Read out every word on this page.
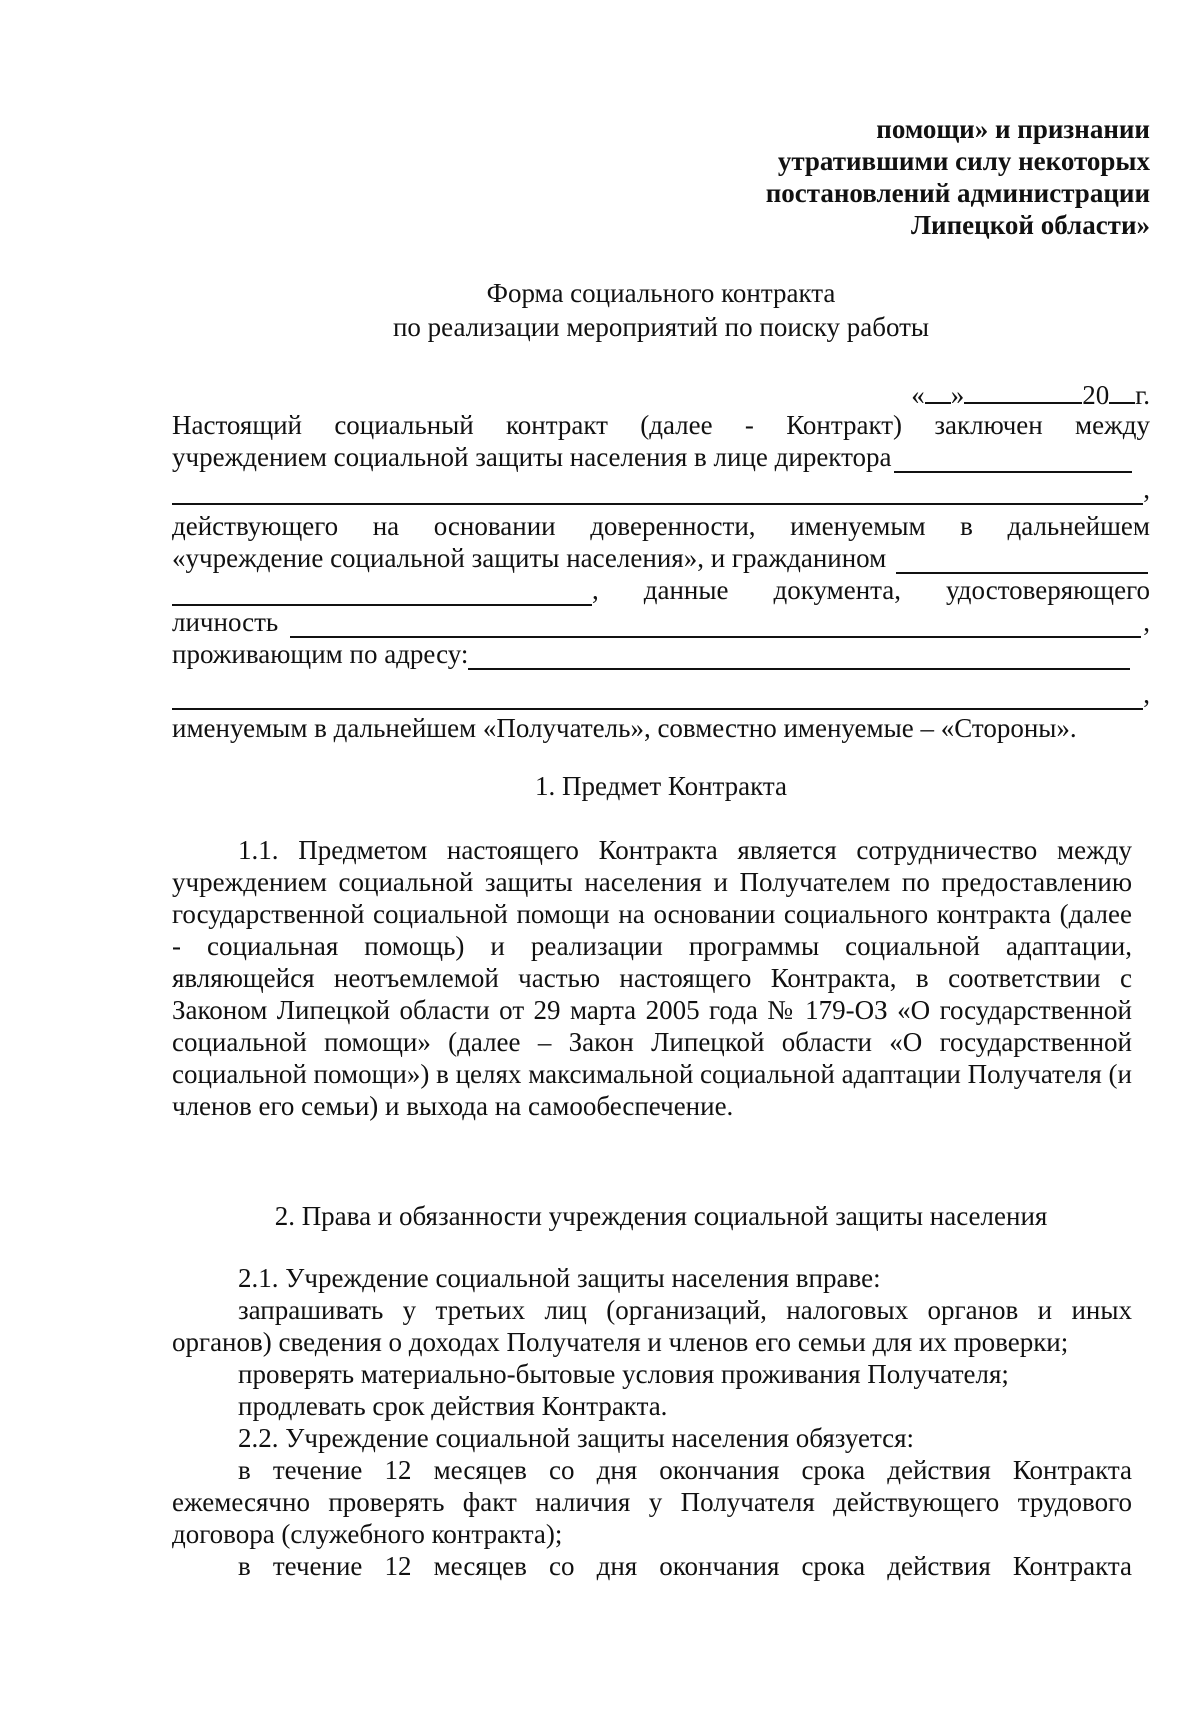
помощи» и признании
утратившими силу некоторых
постановлений администрации
Липецкой области»
Форма социального контракта
по реализации мероприятий по поиску работы
« »	20 г.
Настоящий социальный контракт (далее - Контракт) заключен между
учреждением социальной защиты населения в лице директора
,
действующего на основании доверенности, именуемым в дальнейшем
«учреждение социальной защиты населения», и гражданином
, данные документа, удостоверяющего
личность	,
проживающим по адресу:
,
именуемым в дальнейшем «Получатель», совместно именуемые – «Стороны».
1. Предмет Контракта
1.1. Предметом настоящего Контракта является сотрудничество между учреждением социальной защиты населения и Получателем по предоставлению государственной социальной помощи на основании социального контракта (далее - социальная помощь) и реализации программы социальной адаптации, являющейся неотъемлемой частью настоящего Контракта, в соответствии с Законом Липецкой области от 29 марта 2005 года № 179-ОЗ «О государственной социальной помощи» (далее – Закон Липецкой области «О государственной социальной помощи») в целях максимальной социальной адаптации Получателя (и членов его семьи) и выхода на самообеспечение.
2. Права и обязанности учреждения социальной защиты населения
2.1. Учреждение социальной защиты населения вправе:
запрашивать у третьих лиц (организаций, налоговых органов и иных органов) сведения о доходах Получателя и членов его семьи для их проверки;
проверять материально-бытовые условия проживания Получателя;
продлевать срок действия Контракта.
2.2. Учреждение социальной защиты населения обязуется:
в течение 12 месяцев со дня окончания срока действия Контракта ежемесячно проверять факт наличия у Получателя действующего трудового договора (служебного контракта);
в течение 12 месяцев со дня окончания срока действия Контракта
